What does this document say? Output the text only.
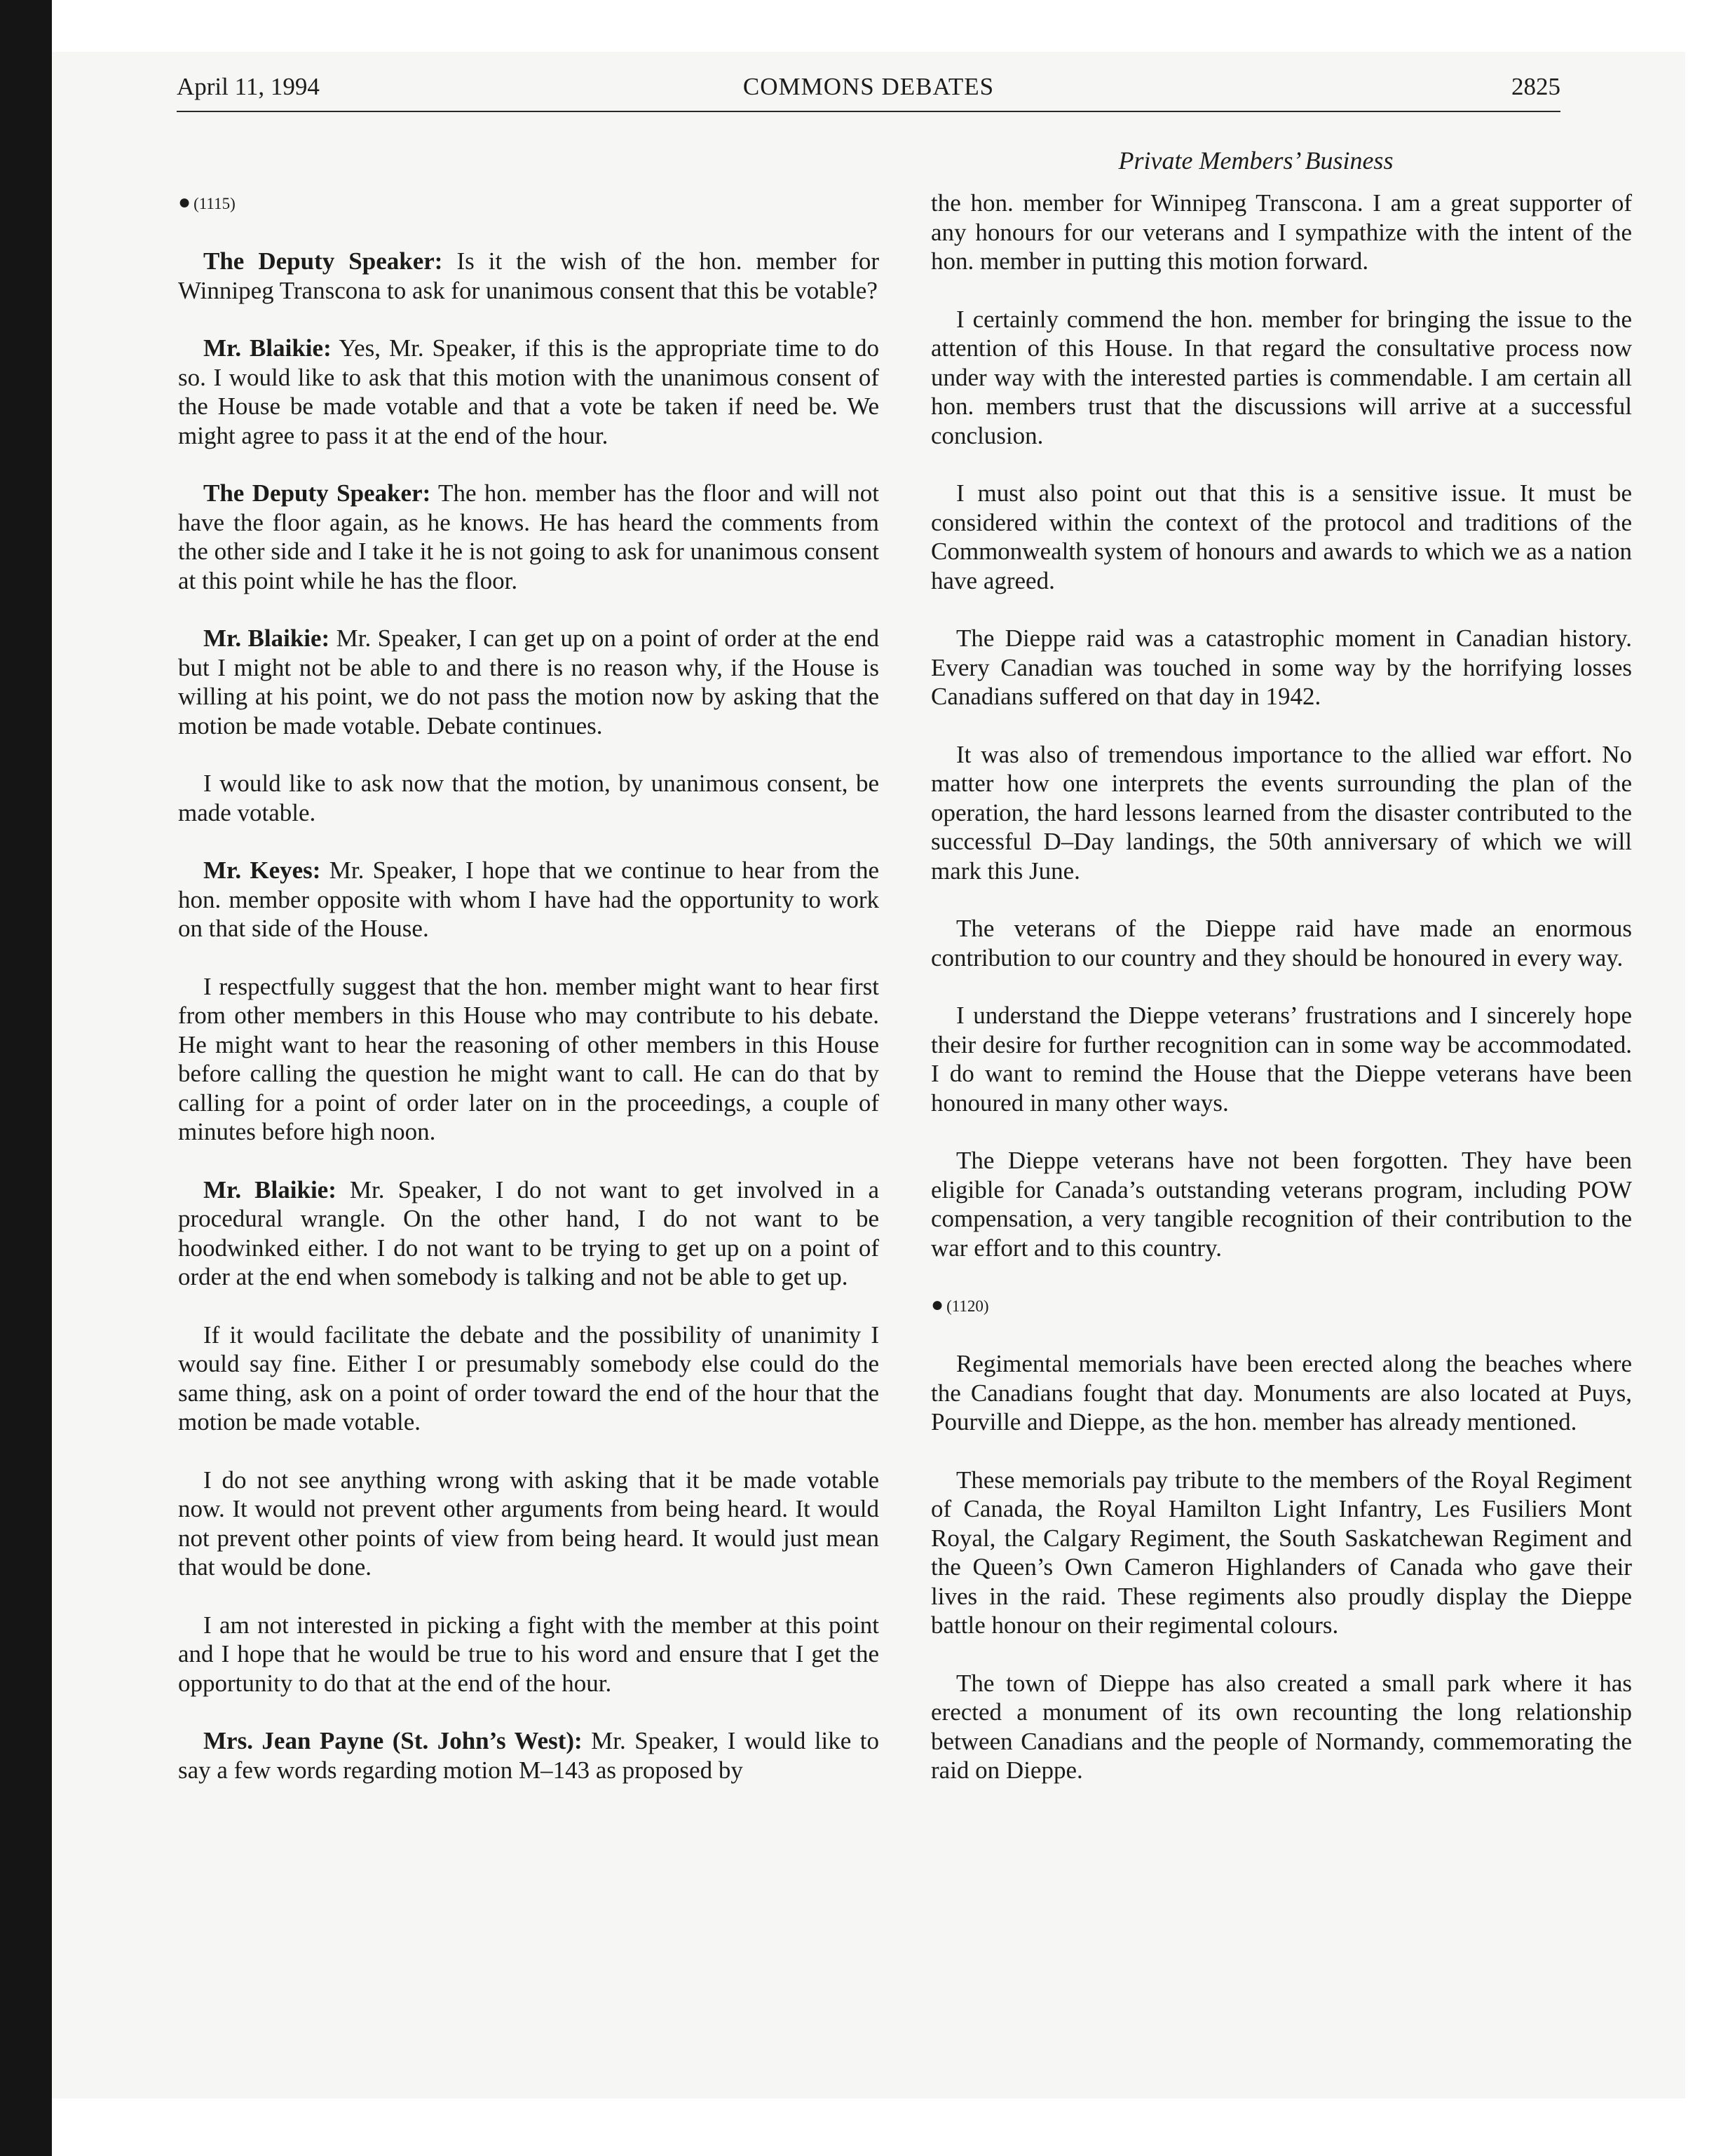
April 11, 1994	COMMONS DEBATES	2825
Private Members’ Business
● (1115)

The Deputy Speaker: Is it the wish of the hon. member for Winnipeg Transcona to ask for unanimous consent that this be votable?

Mr. Blaikie: Yes, Mr. Speaker, if this is the appropriate time to do so. I would like to ask that this motion with the unanimous consent of the House be made votable and that a vote be taken if need be. We might agree to pass it at the end of the hour.

The Deputy Speaker: The hon. member has the floor and will not have the floor again, as he knows. He has heard the comments from the other side and I take it he is not going to ask for unanimous consent at this point while he has the floor.

Mr. Blaikie: Mr. Speaker, I can get up on a point of order at the end but I might not be able to and there is no reason why, if the House is willing at his point, we do not pass the motion now by asking that the motion be made votable. Debate continues.

I would like to ask now that the motion, by unanimous consent, be made votable.

Mr. Keyes: Mr. Speaker, I hope that we continue to hear from the hon. member opposite with whom I have had the opportunity to work on that side of the House.

I respectfully suggest that the hon. member might want to hear first from other members in this House who may contribute to his debate. He might want to hear the reasoning of other members in this House before calling the question he might want to call. He can do that by calling for a point of order later on in the proceedings, a couple of minutes before high noon.

Mr. Blaikie: Mr. Speaker, I do not want to get involved in a procedural wrangle. On the other hand, I do not want to be hoodwinked either. I do not want to be trying to get up on a point of order at the end when somebody is talking and not be able to get up.

If it would facilitate the debate and the possibility of unanimity I would say fine. Either I or presumably somebody else could do the same thing, ask on a point of order toward the end of the hour that the motion be made votable.

I do not see anything wrong with asking that it be made votable now. It would not prevent other arguments from being heard. It would not prevent other points of view from being heard. It would just mean that would be done.

I am not interested in picking a fight with the member at this point and I hope that he would be true to his word and ensure that I get the opportunity to do that at the end of the hour.

Mrs. Jean Payne (St. John’s West): Mr. Speaker, I would like to say a few words regarding motion M–143 as proposed by

the hon. member for Winnipeg Transcona. I am a great supporter of any honours for our veterans and I sympathize with the intent of the hon. member in putting this motion forward.

I certainly commend the hon. member for bringing the issue to the attention of this House. In that regard the consultative process now under way with the interested parties is commendable. I am certain all hon. members trust that the discussions will arrive at a successful conclusion.

I must also point out that this is a sensitive issue. It must be considered within the context of the protocol and traditions of the Commonwealth system of honours and awards to which we as a nation have agreed.

The Dieppe raid was a catastrophic moment in Canadian history. Every Canadian was touched in some way by the horrifying losses Canadians suffered on that day in 1942.

It was also of tremendous importance to the allied war effort. No matter how one interprets the events surrounding the plan of the operation, the hard lessons learned from the disaster contributed to the successful D–Day landings, the 50th anniversary of which we will mark this June.

The veterans of the Dieppe raid have made an enormous contribution to our country and they should be honoured in every way.

I understand the Dieppe veterans’ frustrations and I sincerely hope their desire for further recognition can in some way be accommodated. I do want to remind the House that the Dieppe veterans have been honoured in many other ways.

The Dieppe veterans have not been forgotten. They have been eligible for Canada’s outstanding veterans program, including POW compensation, a very tangible recognition of their contribution to the war effort and to this country.

● (1120)

Regimental memorials have been erected along the beaches where the Canadians fought that day. Monuments are also located at Puys, Pourville and Dieppe, as the hon. member has already mentioned.

These memorials pay tribute to the members of the Royal Regiment of Canada, the Royal Hamilton Light Infantry, Les Fusiliers Mont Royal, the Calgary Regiment, the South Saskatchewan Regiment and the Queen’s Own Cameron Highlanders of Canada who gave their lives in the raid. These regiments also proudly display the Dieppe battle honour on their regimental colours.

The town of Dieppe has also created a small park where it has erected a monument of its own recounting the long relationship between Canadians and the people of Normandy, commemorating the raid on Dieppe.
